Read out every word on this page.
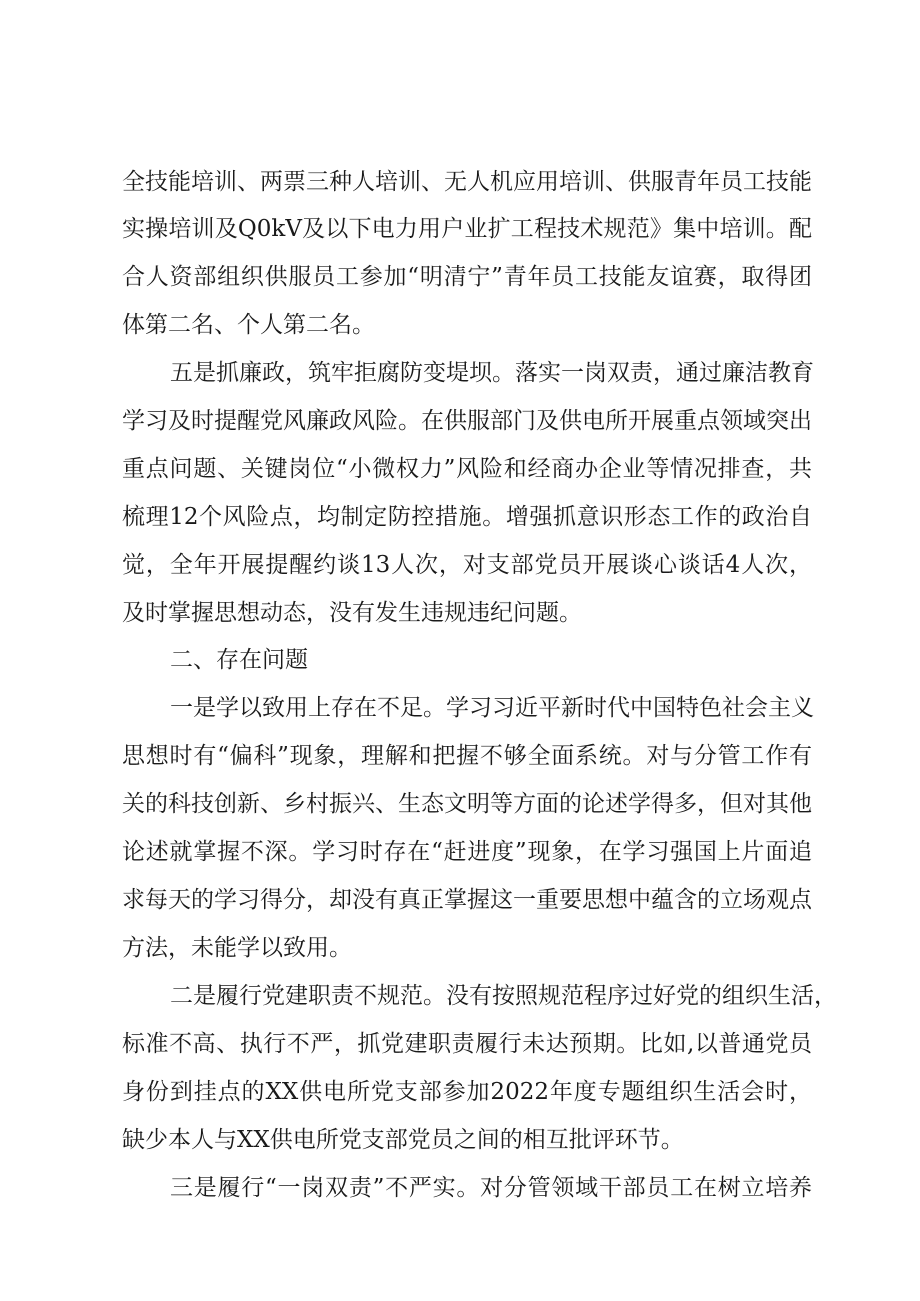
全技能培训、两票三种人培训、无人机应用培训、供服青年员工技能
实操培训及Q0kV及以下电力用户业扩工程技术规范》集中培训。配
合人资部组织供服员工参加“明清宁”青年员工技能友谊赛，取得团
体第二名、个人第二名。
五是抓廉政，筑牢拒腐防变堤坝。落实一岗双责，通过廉洁教育
学习及时提醒党风廉政风险。在供服部门及供电所开展重点领域突出
重点问题、关键岗位“小微权力”风险和经商办企业等情况排查，共
梳理12个风险点，均制定防控措施。增强抓意识形态工作的政治自
觉，全年开展提醒约谈13人次，对支部党员开展谈心谈话4人次，
及时掌握思想动态，没有发生违规违纪问题。
二、存在问题
一是学以致用上存在不足。学习习近平新时代中国特色社会主义
思想时有“偏科”现象，理解和把握不够全面系统。对与分管工作有
关的科技创新、乡村振兴、生态文明等方面的论述学得多，但对其他
论述就掌握不深。学习时存在“赶进度”现象，在学习强国上片面追
求每天的学习得分，却没有真正掌握这一重要思想中蕴含的立场观点
方法，未能学以致用。
二是履行党建职责不规范。没有按照规范程序过好党的组织生活，
标准不高、执行不严，抓党建职责履行未达预期。比如,以普通党员
身份到挂点的XX供电所党支部参加2022年度专题组织生活会时，
缺少本人与XX供电所党支部党员之间的相互批评环节。
三是履行“一岗双责”不严实。对分管领域干部员工在树立培养
